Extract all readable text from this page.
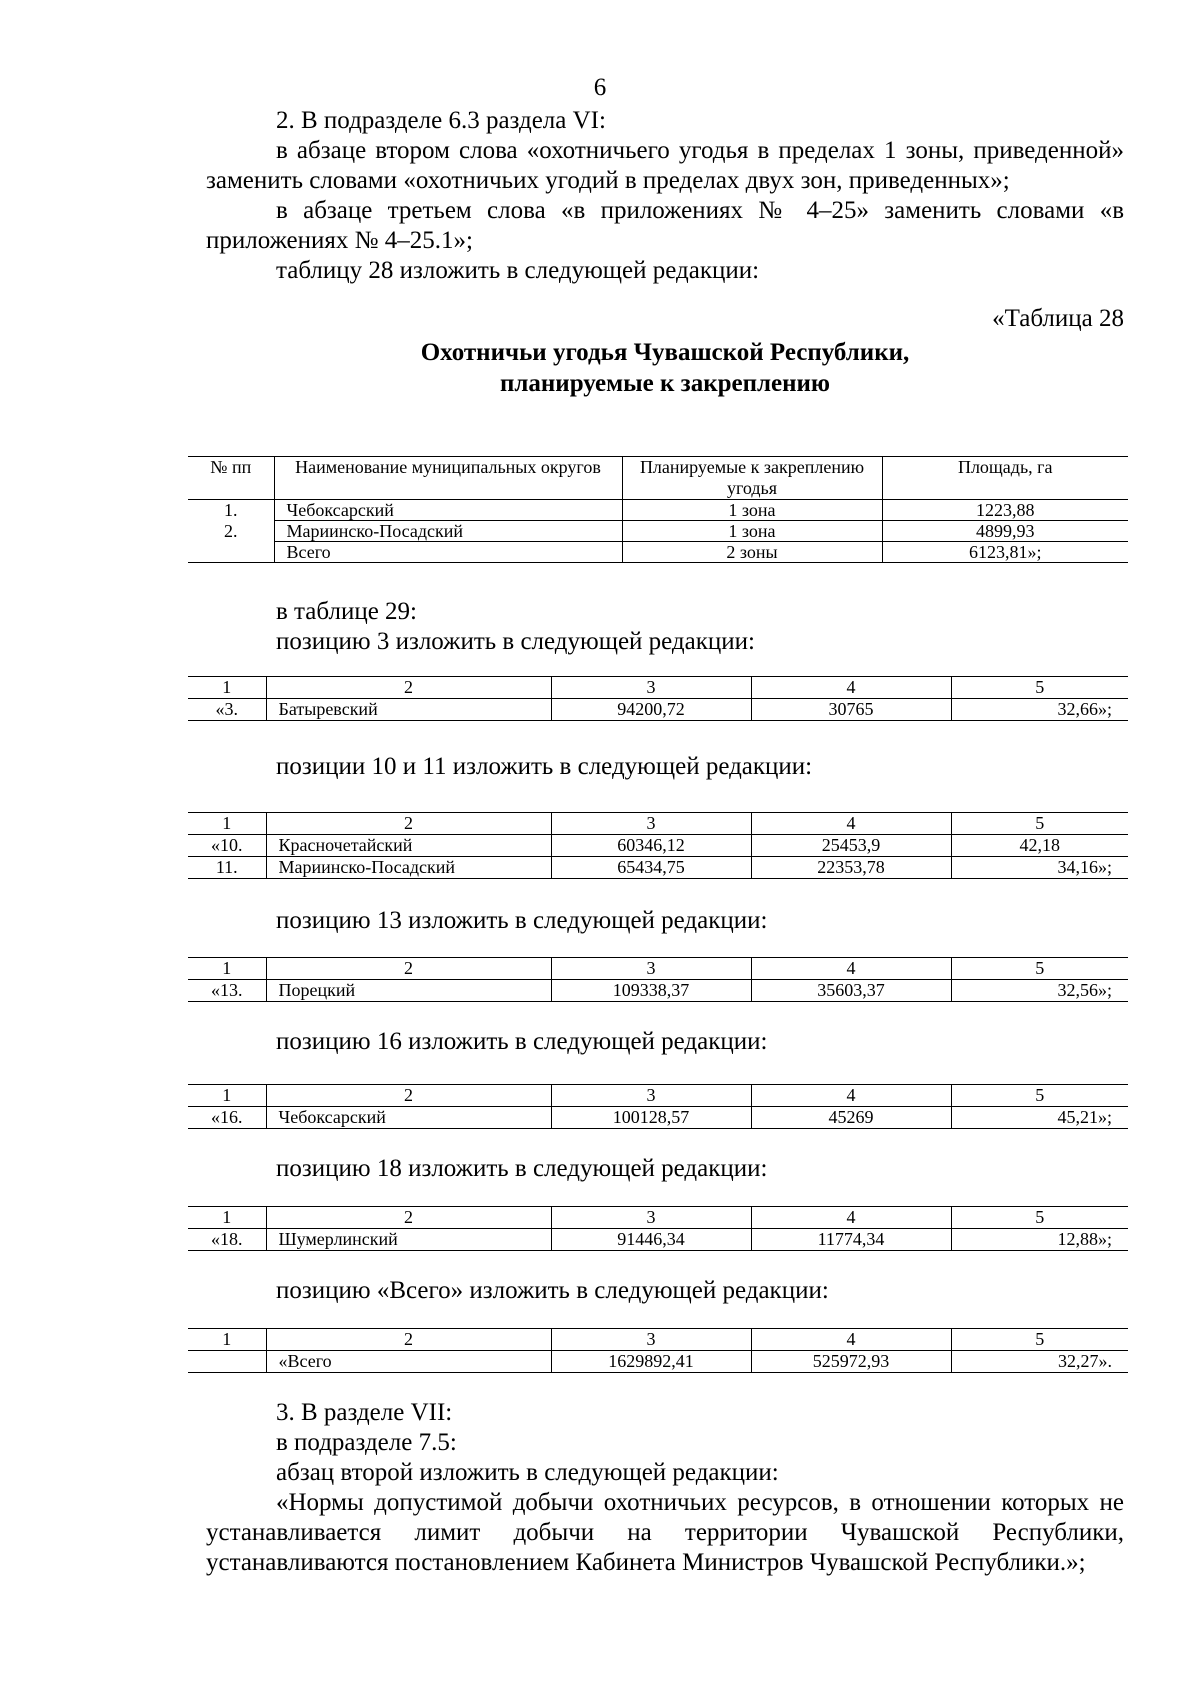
6

2. В подразделе 6.3 раздела VI:

в абзаце втором слова «охотничьего угодья в пределах 1 зоны, приведенной» заменить словами «охотничьих угодий в пределах двух зон, приведенных»;

в абзаце третьем слова «в приложениях № 4–25» заменить словами «в приложениях № 4–25.1»;

таблицу 28 изложить в следующей редакции:

«Таблица 28

Охотничьи угодья Чувашской Республики,
планируемые к закреплению
№ пп	Наименование муниципальных округов	Планируемые к закреплению угодья	Площадь, га
1.	Чебоксарский	1 зона	1223,88
2.	Мариинско-Посадский	1 зона	4899,93
	Всего	2 зоны	6123,81»;

в таблице 29:

позицию 3 изложить в следующей редакции:

1	2	3	4	5
«3.	Батыревский	94200,72	30765	32,66»;

позиции 10 и 11 изложить в следующей редакции:

1	2	3	4	5
«10.	Красночетайский	60346,12	25453,9	42,18
11.	Мариинско-Посадский	65434,75	22353,78	34,16»;

позицию 13 изложить в следующей редакции:

1	2	3	4	5
«13.	Порецкий	109338,37	35603,37	32,56»;

позицию 16 изложить в следующей редакции:

1	2	3	4	5
«16.	Чебоксарский	100128,57	45269	45,21»;

позицию 18 изложить в следующей редакции:

1	2	3	4	5
«18.	Шумерлинский	91446,34	11774,34	12,88»;

позицию «Всего» изложить в следующей редакции:

1	2	3	4	5
	«Всего	1629892,41	525972,93	32,27».

3. В разделе VII:

в подразделе 7.5:

абзац второй изложить в следующей редакции:

«Нормы допустимой добычи охотничьих ресурсов, в отношении которых не устанавливается лимит добычи на территории Чувашской Республики, устанавливаются постановлением Кабинета Министров Чувашской Республики.»;
